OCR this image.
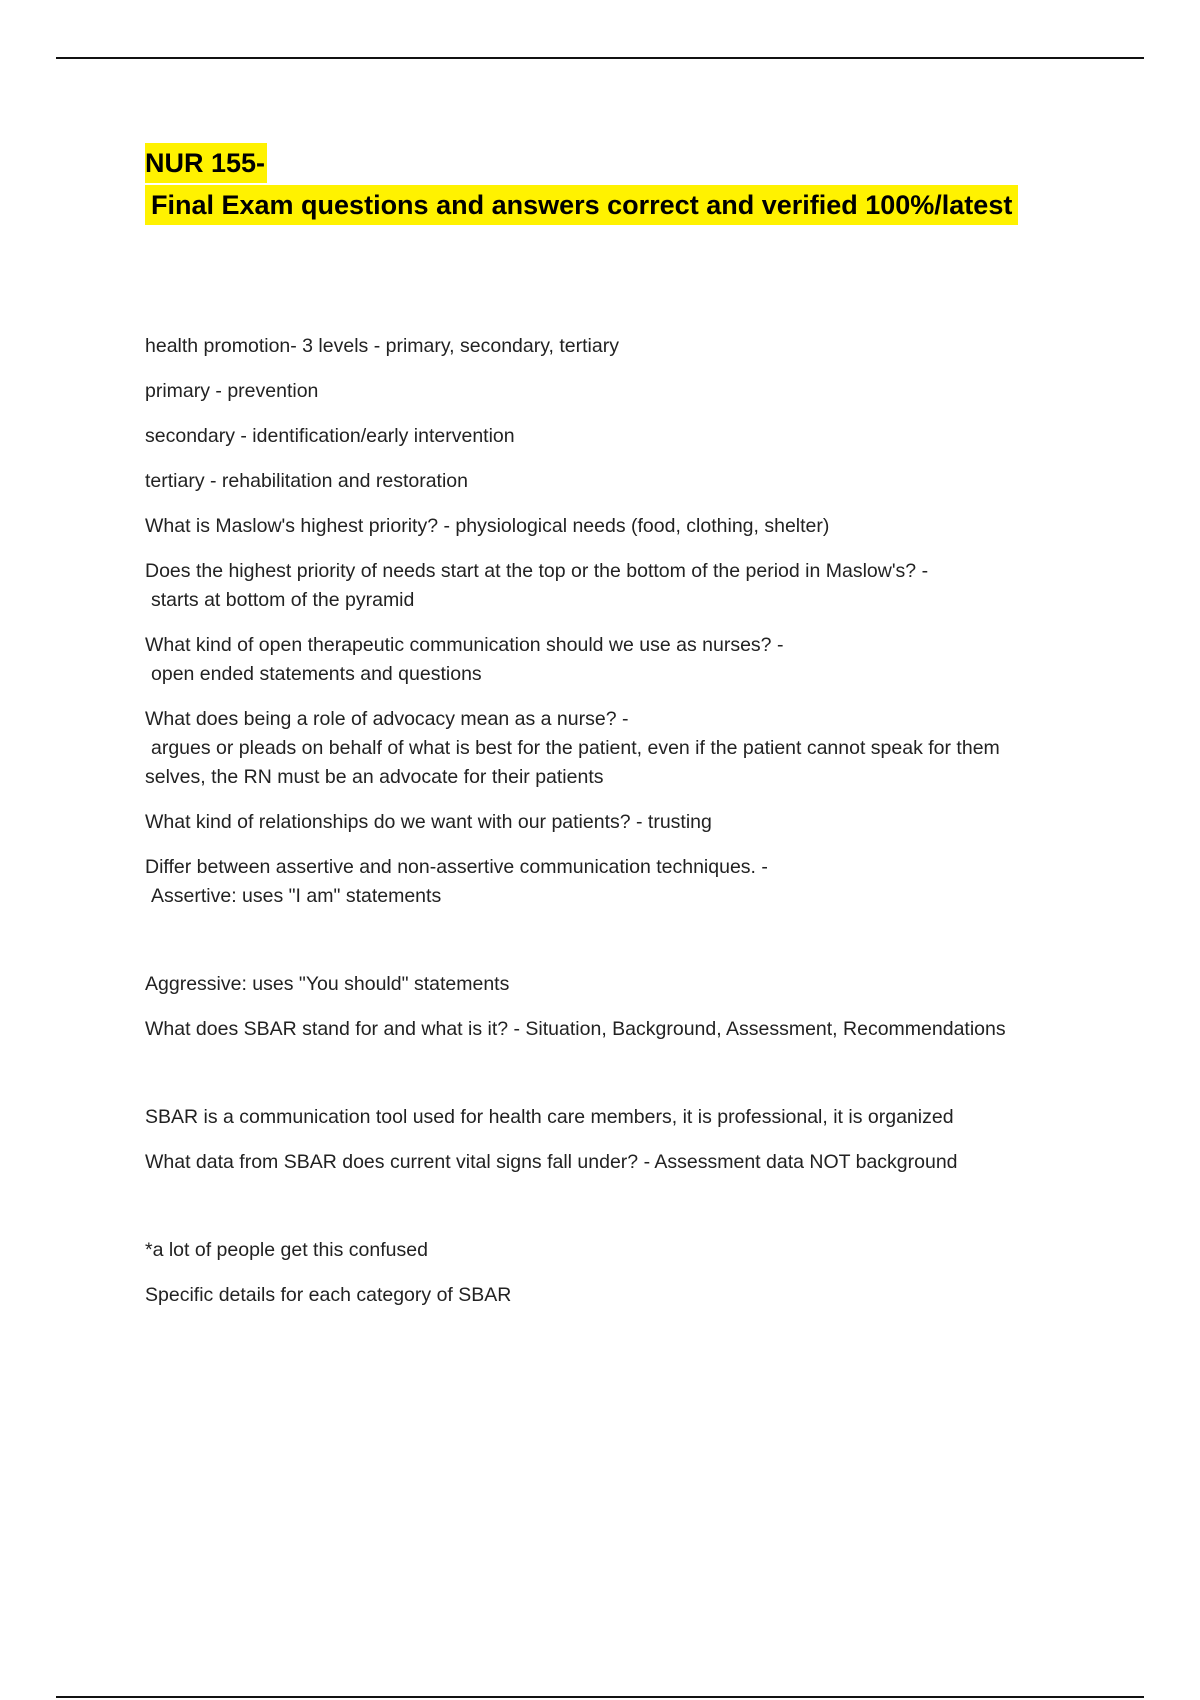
NUR 155-
Final Exam questions and answers correct and verified 100%/latest

health promotion- 3 levels - primary, secondary, tertiary

primary - prevention

secondary - identification/early intervention

tertiary - rehabilitation and restoration

What is Maslow's highest priority? - physiological needs (food, clothing, shelter)

Does the highest priority of needs start at the top or the bottom of the period in Maslow's? -
starts at bottom of the pyramid
What kind of open therapeutic communication should we use as nurses? -
open ended statements and questions
What does being a role of advocacy mean as a nurse? -
argues or pleads on behalf of what is best for the patient, even if the patient cannot speak for them
selves, the RN must be an advocate for their patients

What kind of relationships do we want with our patients? - trusting

Differ between assertive and non-assertive communication techniques. -
Assertive: uses "I am" statements

Aggressive: uses "You should" statements

What does SBAR stand for and what is it? - Situation, Background, Assessment, Recommendations

SBAR is a communication tool used for health care members, it is professional, it is organized

What data from SBAR does current vital signs fall under? - Assessment data NOT background

*a lot of people get this confused

Specific details for each category of SBAR
